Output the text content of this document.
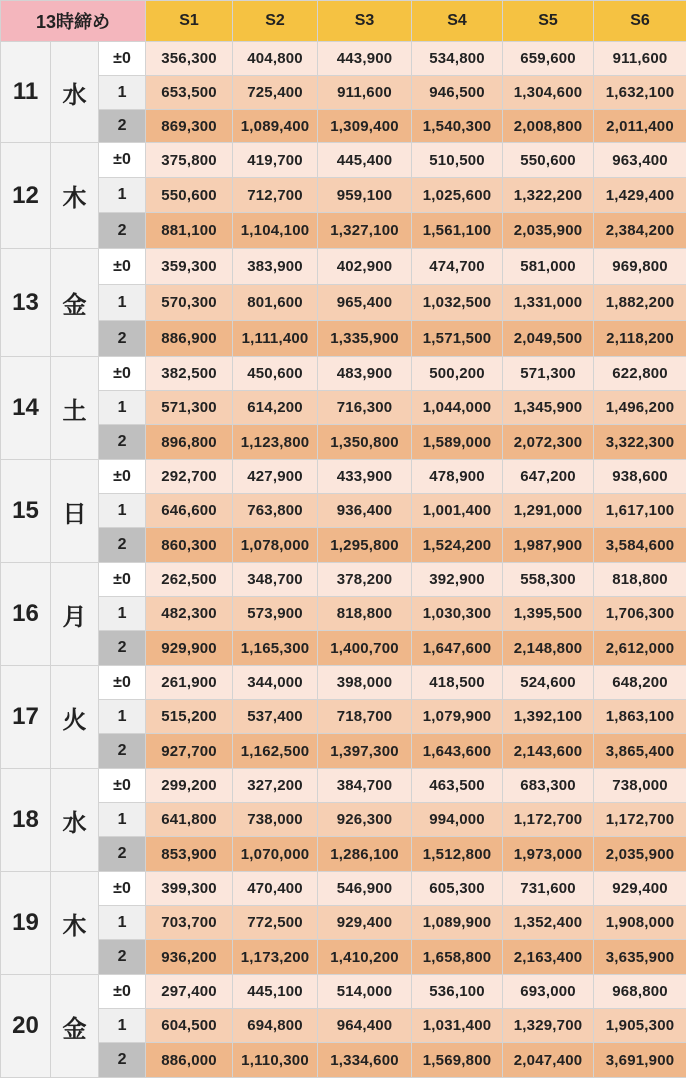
13時締め			S1	S2	S3	S4	S5	S6
11	水	±0	356,300	404,800	443,900	534,800	659,600	911,600
		1	653,500	725,400	911,600	946,500	1,304,600	1,632,100
		2	869,300	1,089,400	1,309,400	1,540,300	2,008,800	2,011,400
12	木	±0	375,800	419,700	445,400	510,500	550,600	963,400
		1	550,600	712,700	959,100	1,025,600	1,322,200	1,429,400
		2	881,100	1,104,100	1,327,100	1,561,100	2,035,900	2,384,200
13	金	±0	359,300	383,900	402,900	474,700	581,000	969,800
		1	570,300	801,600	965,400	1,032,500	1,331,000	1,882,200
		2	886,900	1,111,400	1,335,900	1,571,500	2,049,500	2,118,200
14	土	±0	382,500	450,600	483,900	500,200	571,300	622,800
		1	571,300	614,200	716,300	1,044,000	1,345,900	1,496,200
		2	896,800	1,123,800	1,350,800	1,589,000	2,072,300	3,322,300
15	日	±0	292,700	427,900	433,900	478,900	647,200	938,600
		1	646,600	763,800	936,400	1,001,400	1,291,000	1,617,100
		2	860,300	1,078,000	1,295,800	1,524,200	1,987,900	3,584,600
16	月	±0	262,500	348,700	378,200	392,900	558,300	818,800
		1	482,300	573,900	818,800	1,030,300	1,395,500	1,706,300
		2	929,900	1,165,300	1,400,700	1,647,600	2,148,800	2,612,000
17	火	±0	261,900	344,000	398,000	418,500	524,600	648,200
		1	515,200	537,400	718,700	1,079,900	1,392,100	1,863,100
		2	927,700	1,162,500	1,397,300	1,643,600	2,143,600	3,865,400
18	水	±0	299,200	327,200	384,700	463,500	683,300	738,000
		1	641,800	738,000	926,300	994,000	1,172,700	1,172,700
		2	853,900	1,070,000	1,286,100	1,512,800	1,973,000	2,035,900
19	木	±0	399,300	470,400	546,900	605,300	731,600	929,400
		1	703,700	772,500	929,400	1,089,900	1,352,400	1,908,000
		2	936,200	1,173,200	1,410,200	1,658,800	2,163,400	3,635,900
20	金	±0	297,400	445,100	514,000	536,100	693,000	968,800
		1	604,500	694,800	964,400	1,031,400	1,329,700	1,905,300
		2	886,000	1,110,300	1,334,600	1,569,800	2,047,400	3,691,900
